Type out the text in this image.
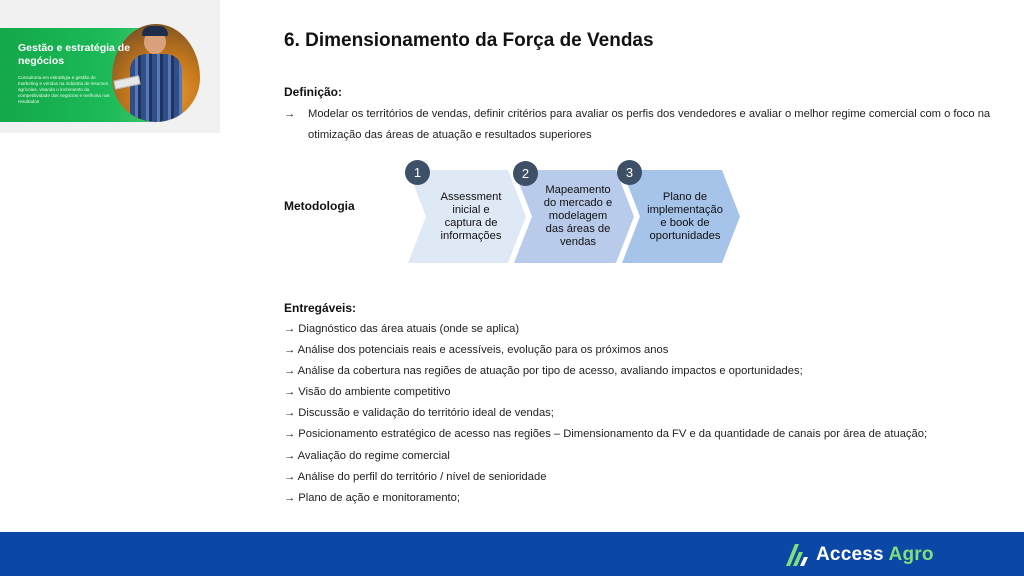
Gestão e estratégia de negócios
Consultoria em estratégia e gestão de marketing e vendas na indústria de insumos agrícolas, visando o incremento da competitividade dos negócios e melhoria nos resultados
6. Dimensionamento da Força de Vendas
Definição:
→	Modelar os territórios de vendas, definir critérios para avaliar os perfis dos vendedores e avaliar o melhor regime comercial com o foco na otimização das áreas de atuação e resultados superiores
Metodologia
Assessment inicial e captura de informações
Mapeamento do mercado e modelagem das áreas de vendas
Plano de implementação e book de oportunidades
1	2	3
Entregáveis:
→ Diagnóstico das área atuais (onde se aplica)
→ Análise dos potenciais reais e acessíveis, evolução para os próximos anos
→ Análise da cobertura nas regiões de atuação por tipo de acesso, avaliando impactos e oportunidades;
→ Visão do ambiente competitivo
→ Discussão e validação do território ideal de vendas;
→ Posicionamento estratégico de acesso nas regiões – Dimensionamento da FV e da quantidade de canais por área de atuação;
→ Avaliação do regime comercial
→ Análise do perfil do território / nível de senioridade
→ Plano de ação e monitoramento;
Access Agro
